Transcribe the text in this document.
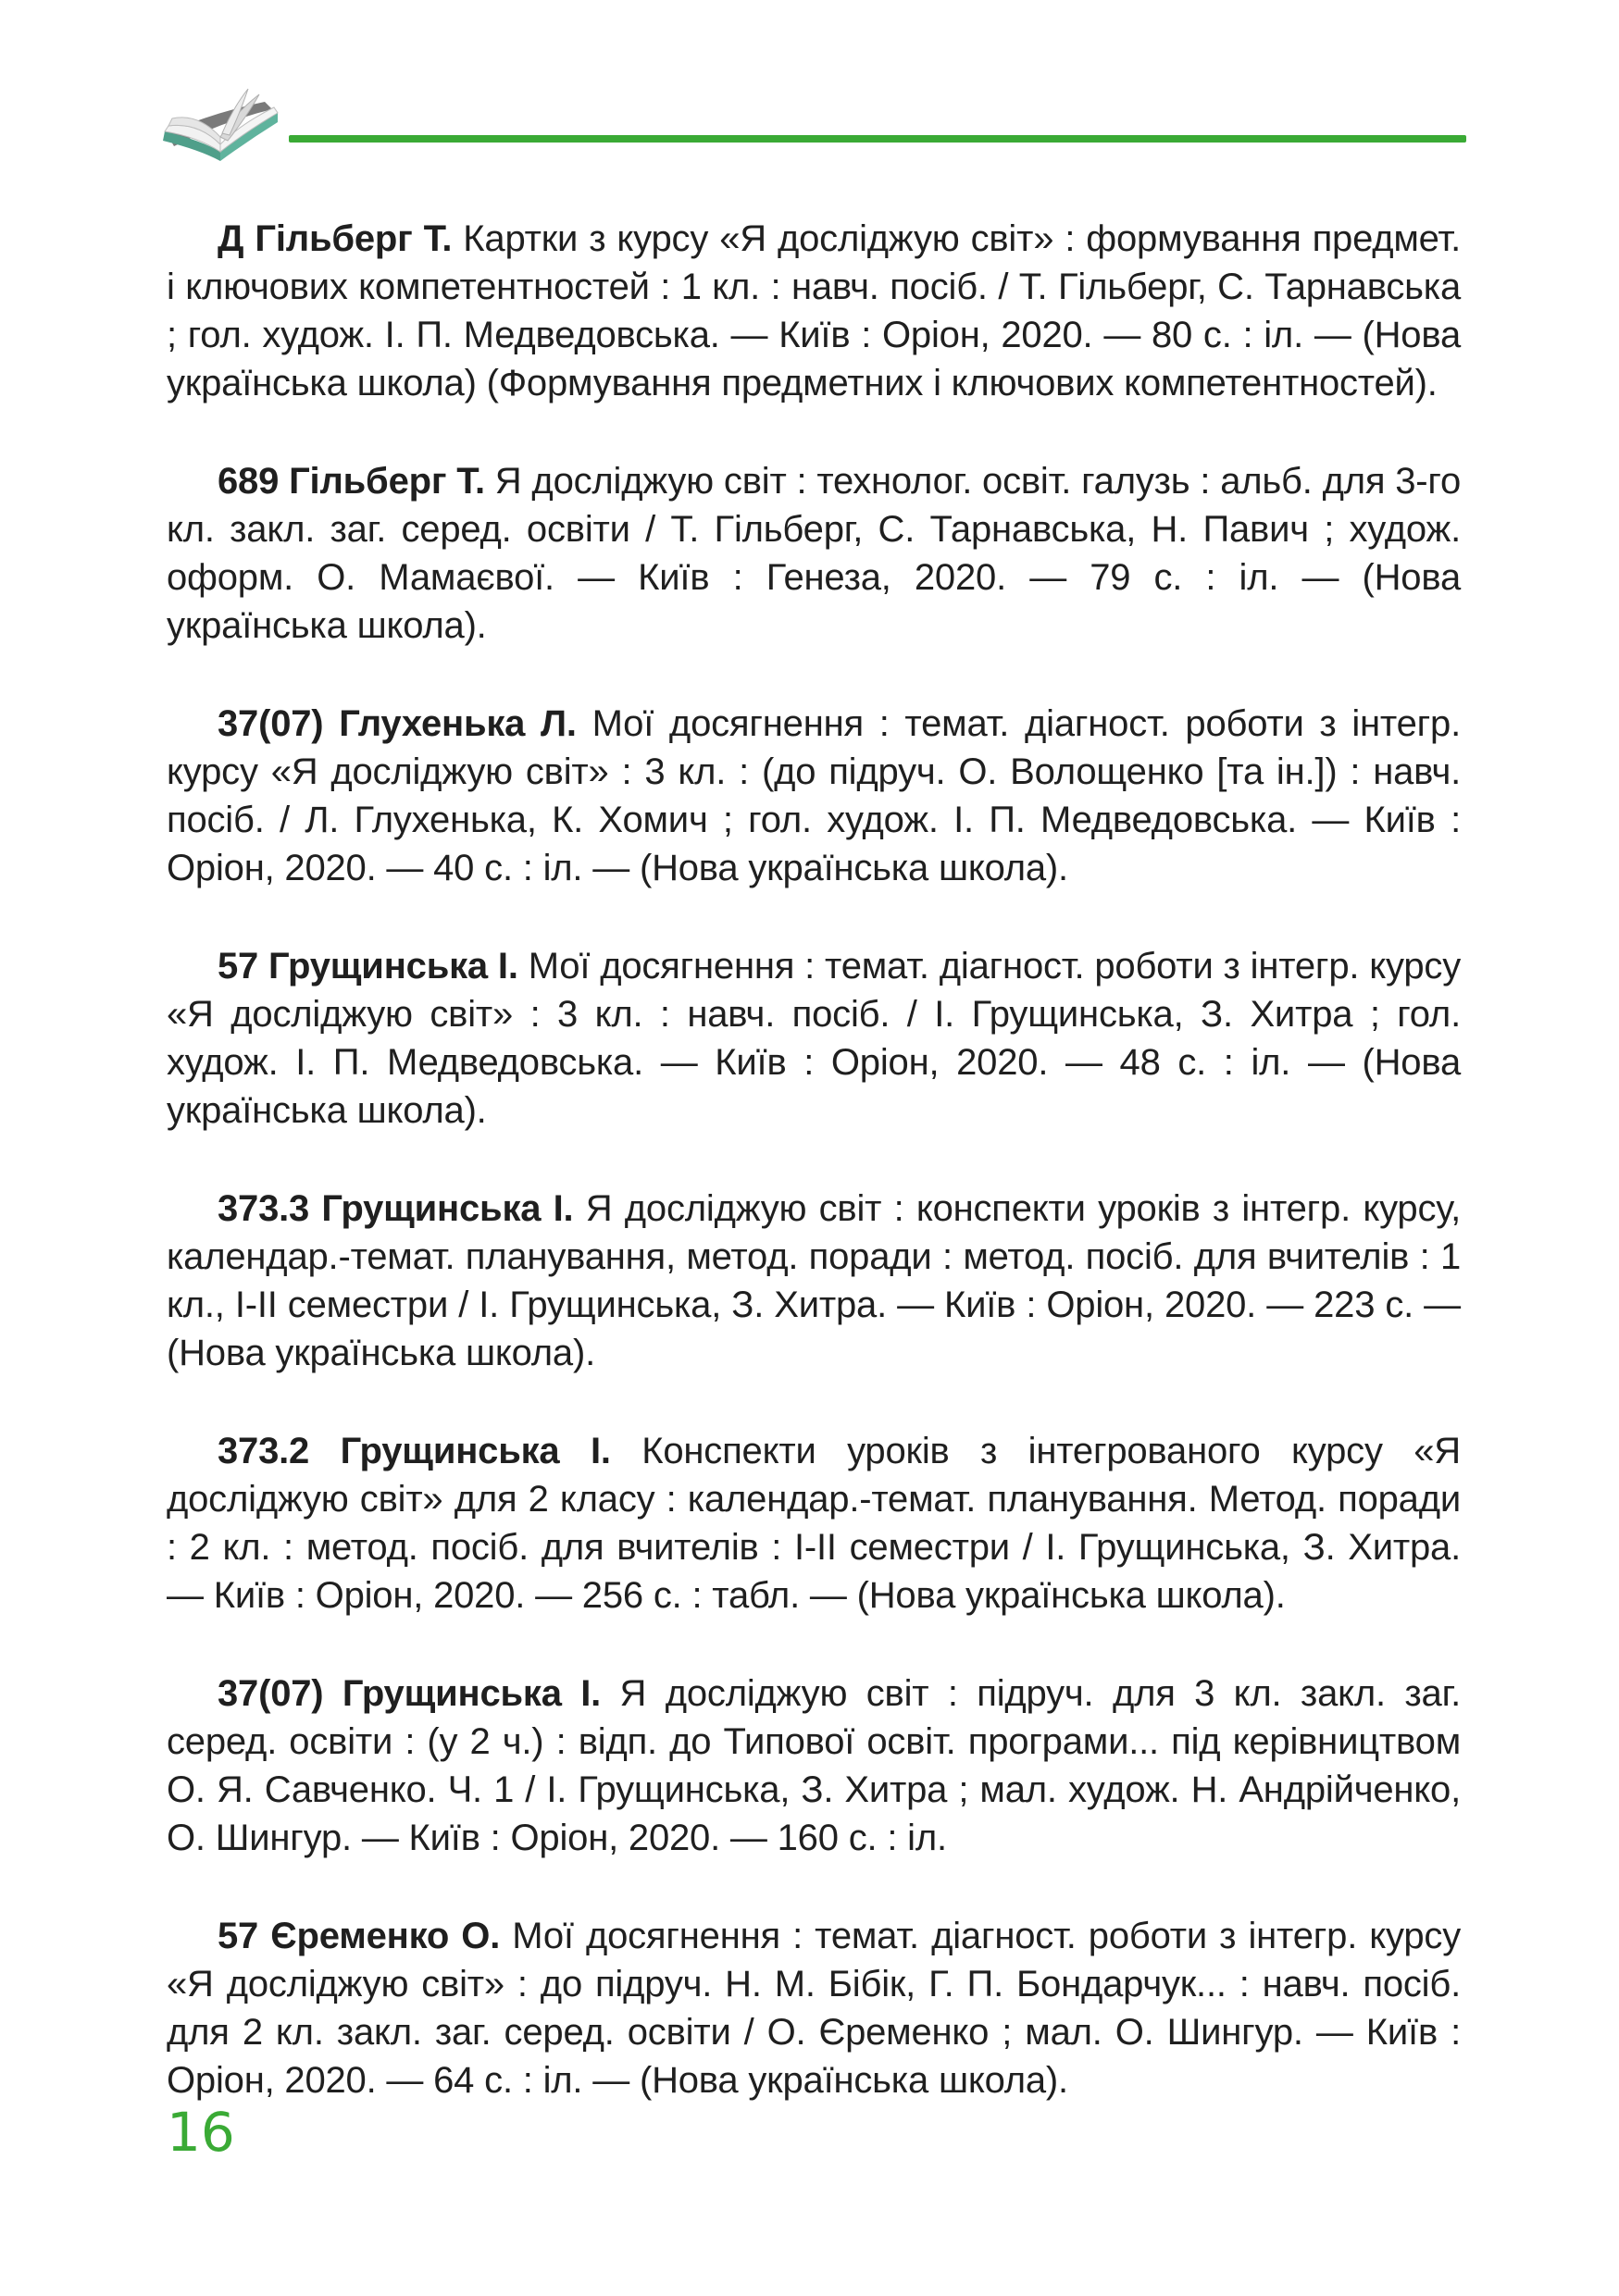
Д Гільберг Т. Картки з курсу «Я досліджую світ» : формування предмет. і ключових компетентностей : 1 кл. : навч. посіб. / Т. Гільберг, С. Тарнавська ; гол. худож. І. П. Медведовська. — Київ : Оріон, 2020. — 80 с. : іл. — (Нова українська школа) (Формування предметних і ключових компетентностей).

689 Гільберг Т. Я досліджую світ : технолог. освіт. галузь : альб. для 3-го кл. закл. заг. серед. освіти / Т. Гільберг, С. Тарнавська, Н. Павич ; худож. оформ. О. Мамаєвої. — Київ : Генеза, 2020. — 79 с. : іл. — (Нова українська школа).

37(07) Глухенька Л. Мої досягнення : темат. діагност. роботи з інтегр. курсу «Я досліджую світ» : 3 кл. : (до підруч. О. Волощенко [та ін.]) : навч. посіб. / Л. Глухенька, К. Хомич ; гол. худож. І. П. Медведовська. — Київ : Оріон, 2020. — 40 с. : іл. — (Нова українська школа).

57 Грущинська І. Мої досягнення : темат. діагност. роботи з інтегр. курсу «Я досліджую світ» : 3 кл. : навч. посіб. / І. Грущинська, З. Хитра ; гол. худож. І. П. Медведовська. — Київ : Оріон, 2020. — 48 с. : іл. — (Нова українська школа).

373.3 Грущинська І. Я досліджую світ : конспекти уроків з інтегр. курсу, календар.-темат. планування, метод. поради : метод. посіб. для вчителів : 1 кл., І-ІІ семестри / І. Грущинська, З. Хитра. — Київ : Оріон, 2020. — 223 с. — (Нова українська школа).

373.2 Грущинська І. Конспекти уроків з інтегрованого курсу «Я досліджую світ» для 2 класу : календар.-темат. планування. Метод. поради : 2 кл. : метод. посіб. для вчителів : І-ІІ семестри / І. Грущинська, З. Хитра. — Київ : Оріон, 2020. — 256 с. : табл. — (Нова українська школа).

37(07) Грущинська І. Я досліджую світ : підруч. для 3 кл. закл. заг. серед. освіти : (у 2 ч.) : відп. до Типової освіт. програми... під керівництвом О. Я. Савченко. Ч. 1 / І. Грущинська, З. Хитра ; мал. худож. Н. Андрійченко, О. Шингур. — Київ : Оріон, 2020. — 160 с. : іл.

57 Єременко О. Мої досягнення : темат. діагност. роботи з інтегр. курсу «Я досліджую світ» : до підруч. Н. М. Бібік, Г. П. Бондарчук... : навч. посіб. для 2 кл. закл. заг. серед. освіти / О. Єременко ; мал. О. Шингур. — Київ : Оріон, 2020. — 64 с. : іл. — (Нова українська школа).

16
